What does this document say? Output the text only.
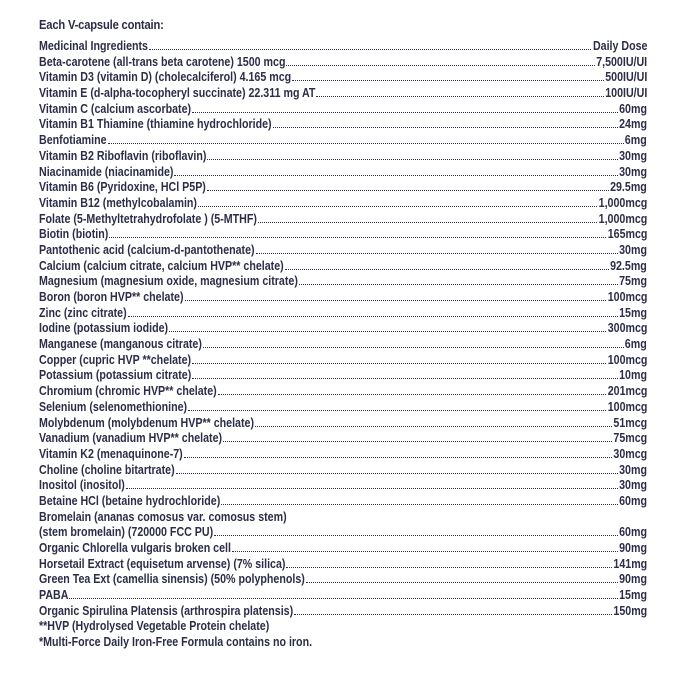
Each V-capsule contain:
Medicinal Ingredients	Daily Dose
Beta-carotene (all-trans beta carotene) 1500 mcg	7,500IU/UI
Vitamin D3 (vitamin D) (cholecalciferol) 4.165 mcg	500IU/UI
Vitamin E (d-alpha-tocopheryl succinate) 22.311 mg AT	100IU/UI
Vitamin C (calcium ascorbate)	60mg
Vitamin B1 Thiamine (thiamine hydrochloride)	24mg
Benfotiamine	6mg
Vitamin B2 Riboflavin (riboflavin)	30mg
Niacinamide (niacinamide)	30mg
Vitamin B6 (Pyridoxine, HCl P5P)	29.5mg
Vitamin B12 (methylcobalamin)	1,000mcg
Folate (5-Methyltetrahydrofolate ) (5-MTHF)	1,000mcg
Biotin (biotin)	165mcg
Pantothenic acid (calcium-d-pantothenate)	30mg
Calcium (calcium citrate, calcium HVP** chelate)	92.5mg
Magnesium (magnesium oxide, magnesium citrate)	75mg
Boron (boron HVP** chelate)	100mcg
Zinc (zinc citrate)	15mg
Iodine (potassium iodide)	300mcg
Manganese (manganous citrate)	6mg
Copper (cupric HVP **chelate)	100mcg
Potassium (potassium citrate)	10mg
Chromium (chromic HVP** chelate)	201mcg
Selenium (selenomethionine)	100mcg
Molybdenum (molybdenum HVP** chelate)	51mcg
Vanadium (vanadium HVP** chelate)	75mcg
Vitamin K2 (menaquinone-7)	30mcg
Choline (choline bitartrate)	30mg
Inositol (inositol)	30mg
Betaine HCl (betaine hydrochloride)	60mg
Bromelain (ananas comosus var. comosus stem)
(stem bromelain) (720000 FCC PU)	60mg
Organic Chlorella vulgaris broken cell	90mg
Horsetail Extract (equisetum arvense) (7% silica)	141mg
Green Tea Ext (camellia sinensis) (50% polyphenols)	90mg
PABA	15mg
Organic Spirulina Platensis (arthrospira platensis)	150mg
**HVP (Hydrolysed Vegetable Protein chelate)
*Multi-Force Daily Iron-Free Formula contains no iron.
